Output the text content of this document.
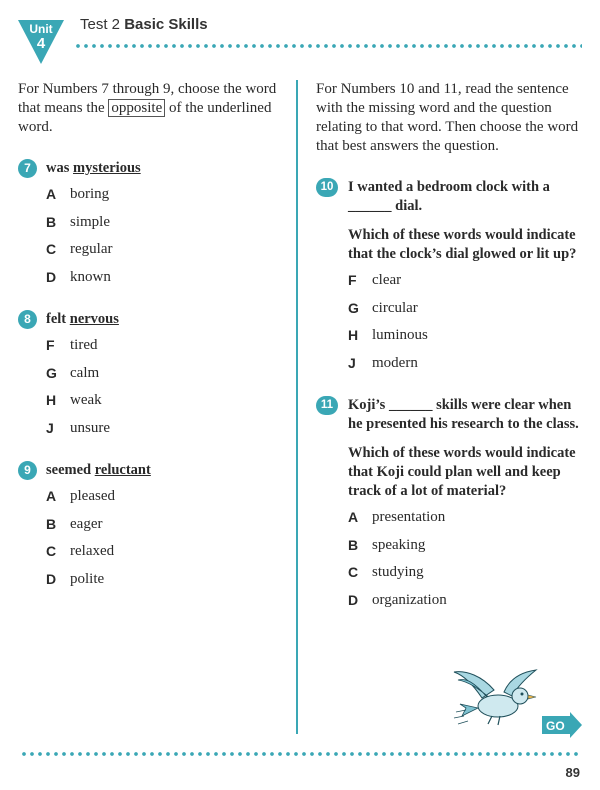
Unit
4
Test 2 Basic Skills

For Numbers 7 through 9, choose the word that means the opposite of the underlined word.

7	was mysterious

A boring
B simple
C regular
D known
8	felt nervous

F	tired
G calm
H weak
J	unsure
9	seemed reluctant

A pleased
B eager
C relaxed
D polite

For Numbers 10 and 11, read the sentence with the missing word and the question relating to that word. Then choose the word that best answers the question.

10	I wanted a bedroom clock with a ______ dial.

Which of these words would indicate that the clock’s dial glowed or lit up?

F	clear
G circular
H luminous
J	modern
11	Koji’s ______ skills were clear when he presented his research to the class.

Which of these words would indicate that Koji could plan well and keep track of a lot of material?

A presentation
B speaking
C studying
D organization
GO
89
